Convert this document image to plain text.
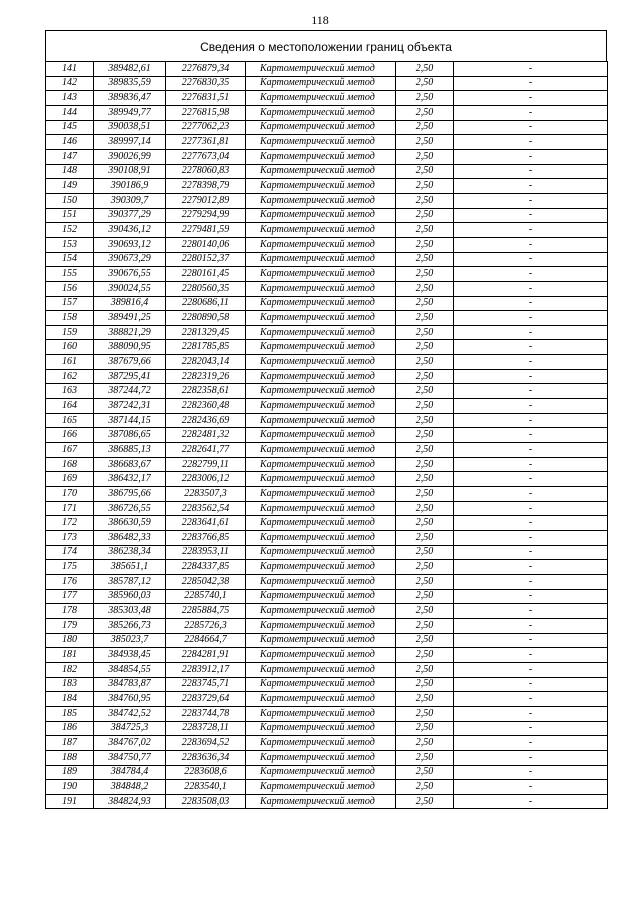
118
Сведения о местоположении границ объекта
141	389482,61	2276879,34	Картометрический метод	2,50	-
142	389835,59	2276830,35	Картометрический метод	2,50	-
143	389836,47	2276831,51	Картометрический метод	2,50	-
144	389949,77	2276815,98	Картометрический метод	2,50	-
145	390038,51	2277062,23	Картометрический метод	2,50	-
146	389997,14	2277361,81	Картометрический метод	2,50	-
147	390026,99	2277673,04	Картометрический метод	2,50	-
148	390108,91	2278060,83	Картометрический метод	2,50	-
149	390186,9	2278398,79	Картометрический метод	2,50	-
150	390309,7	2279012,89	Картометрический метод	2,50	-
151	390377,29	2279294,99	Картометрический метод	2,50	-
152	390436,12	2279481,59	Картометрический метод	2,50	-
153	390693,12	2280140,06	Картометрический метод	2,50	-
154	390673,29	2280152,37	Картометрический метод	2,50	-
155	390676,55	2280161,45	Картометрический метод	2,50	-
156	390024,55	2280560,35	Картометрический метод	2,50	-
157	389816,4	2280686,11	Картометрический метод	2,50	-
158	389491,25	2280890,58	Картометрический метод	2,50	-
159	388821,29	2281329,45	Картометрический метод	2,50	-
160	388090,95	2281785,85	Картометрический метод	2,50	-
161	387679,66	2282043,14	Картометрический метод	2,50	-
162	387295,41	2282319,26	Картометрический метод	2,50	-
163	387244,72	2282358,61	Картометрический метод	2,50	-
164	387242,31	2282360,48	Картометрический метод	2,50	-
165	387144,15	2282436,69	Картометрический метод	2,50	-
166	387086,65	2282481,32	Картометрический метод	2,50	-
167	386885,13	2282641,77	Картометрический метод	2,50	-
168	386683,67	2282799,11	Картометрический метод	2,50	-
169	386432,17	2283006,12	Картометрический метод	2,50	-
170	386795,66	2283507,3	Картометрический метод	2,50	-
171	386726,55	2283562,54	Картометрический метод	2,50	-
172	386630,59	2283641,61	Картометрический метод	2,50	-
173	386482,33	2283766,85	Картометрический метод	2,50	-
174	386238,34	2283953,11	Картометрический метод	2,50	-
175	385651,1	2284337,85	Картометрический метод	2,50	-
176	385787,12	2285042,38	Картометрический метод	2,50	-
177	385960,03	2285740,1	Картометрический метод	2,50	-
178	385303,48	2285884,75	Картометрический метод	2,50	-
179	385266,73	2285726,3	Картометрический метод	2,50	-
180	385023,7	2284664,7	Картометрический метод	2,50	-
181	384938,45	2284281,91	Картометрический метод	2,50	-
182	384854,55	2283912,17	Картометрический метод	2,50	-
183	384783,87	2283745,71	Картометрический метод	2,50	-
184	384760,95	2283729,64	Картометрический метод	2,50	-
185	384742,52	2283744,78	Картометрический метод	2,50	-
186	384725,3	2283728,11	Картометрический метод	2,50	-
187	384767,02	2283694,52	Картометрический метод	2,50	-
188	384750,77	2283636,34	Картометрический метод	2,50	-
189	384784,4	2283608,6	Картометрический метод	2,50	-
190	384848,2	2283540,1	Картометрический метод	2,50	-
191	384824,93	2283508,03	Картометрический метод	2,50	-
